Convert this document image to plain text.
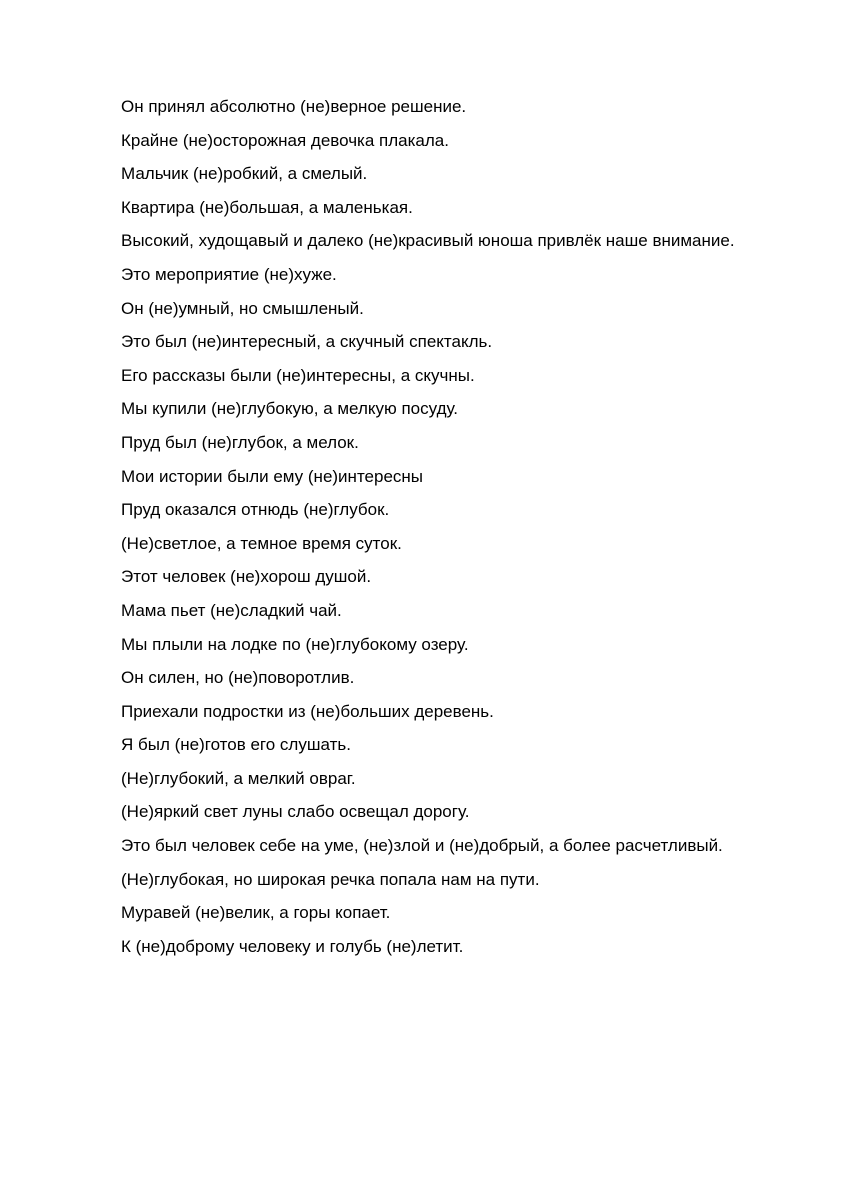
Он принял абсолютно (не)верное решение.
Крайне (не)осторожная девочка плакала.
Мальчик (не)робкий, а смелый.
Квартира (не)большая, а маленькая.
Высокий, худощавый и далеко (не)красивый юноша привлёк наше внимание.
Это мероприятие (не)хуже.
Он (не)умный, но смышленый.
Это был (не)интересный, а скучный спектакль.
Его рассказы были (не)интересны, а скучны.
Мы купили (не)глубокую, а мелкую посуду.
Пруд был (не)глубок, а мелок.
Мои истории были ему (не)интересны
Пруд оказался отнюдь (не)глубок.
(Не)светлое, а темное время суток.
Этот человек (не)хорош душой.
Мама пьет (не)сладкий чай.
Мы плыли на лодке по (не)глубокому озеру.
Он силен, но (не)поворотлив.
Приехали подростки из (не)больших деревень.
Я был (не)готов его слушать.
(Не)глубокий, а мелкий овраг.
(Не)яркий свет луны слабо освещал дорогу.
Это был человек себе на уме, (не)злой и (не)добрый, а более расчетливый.
(Не)глубокая, но широкая речка попала нам на пути.
Муравей (не)велик, а горы копает.
К (не)доброму человеку и голубь (не)летит.
